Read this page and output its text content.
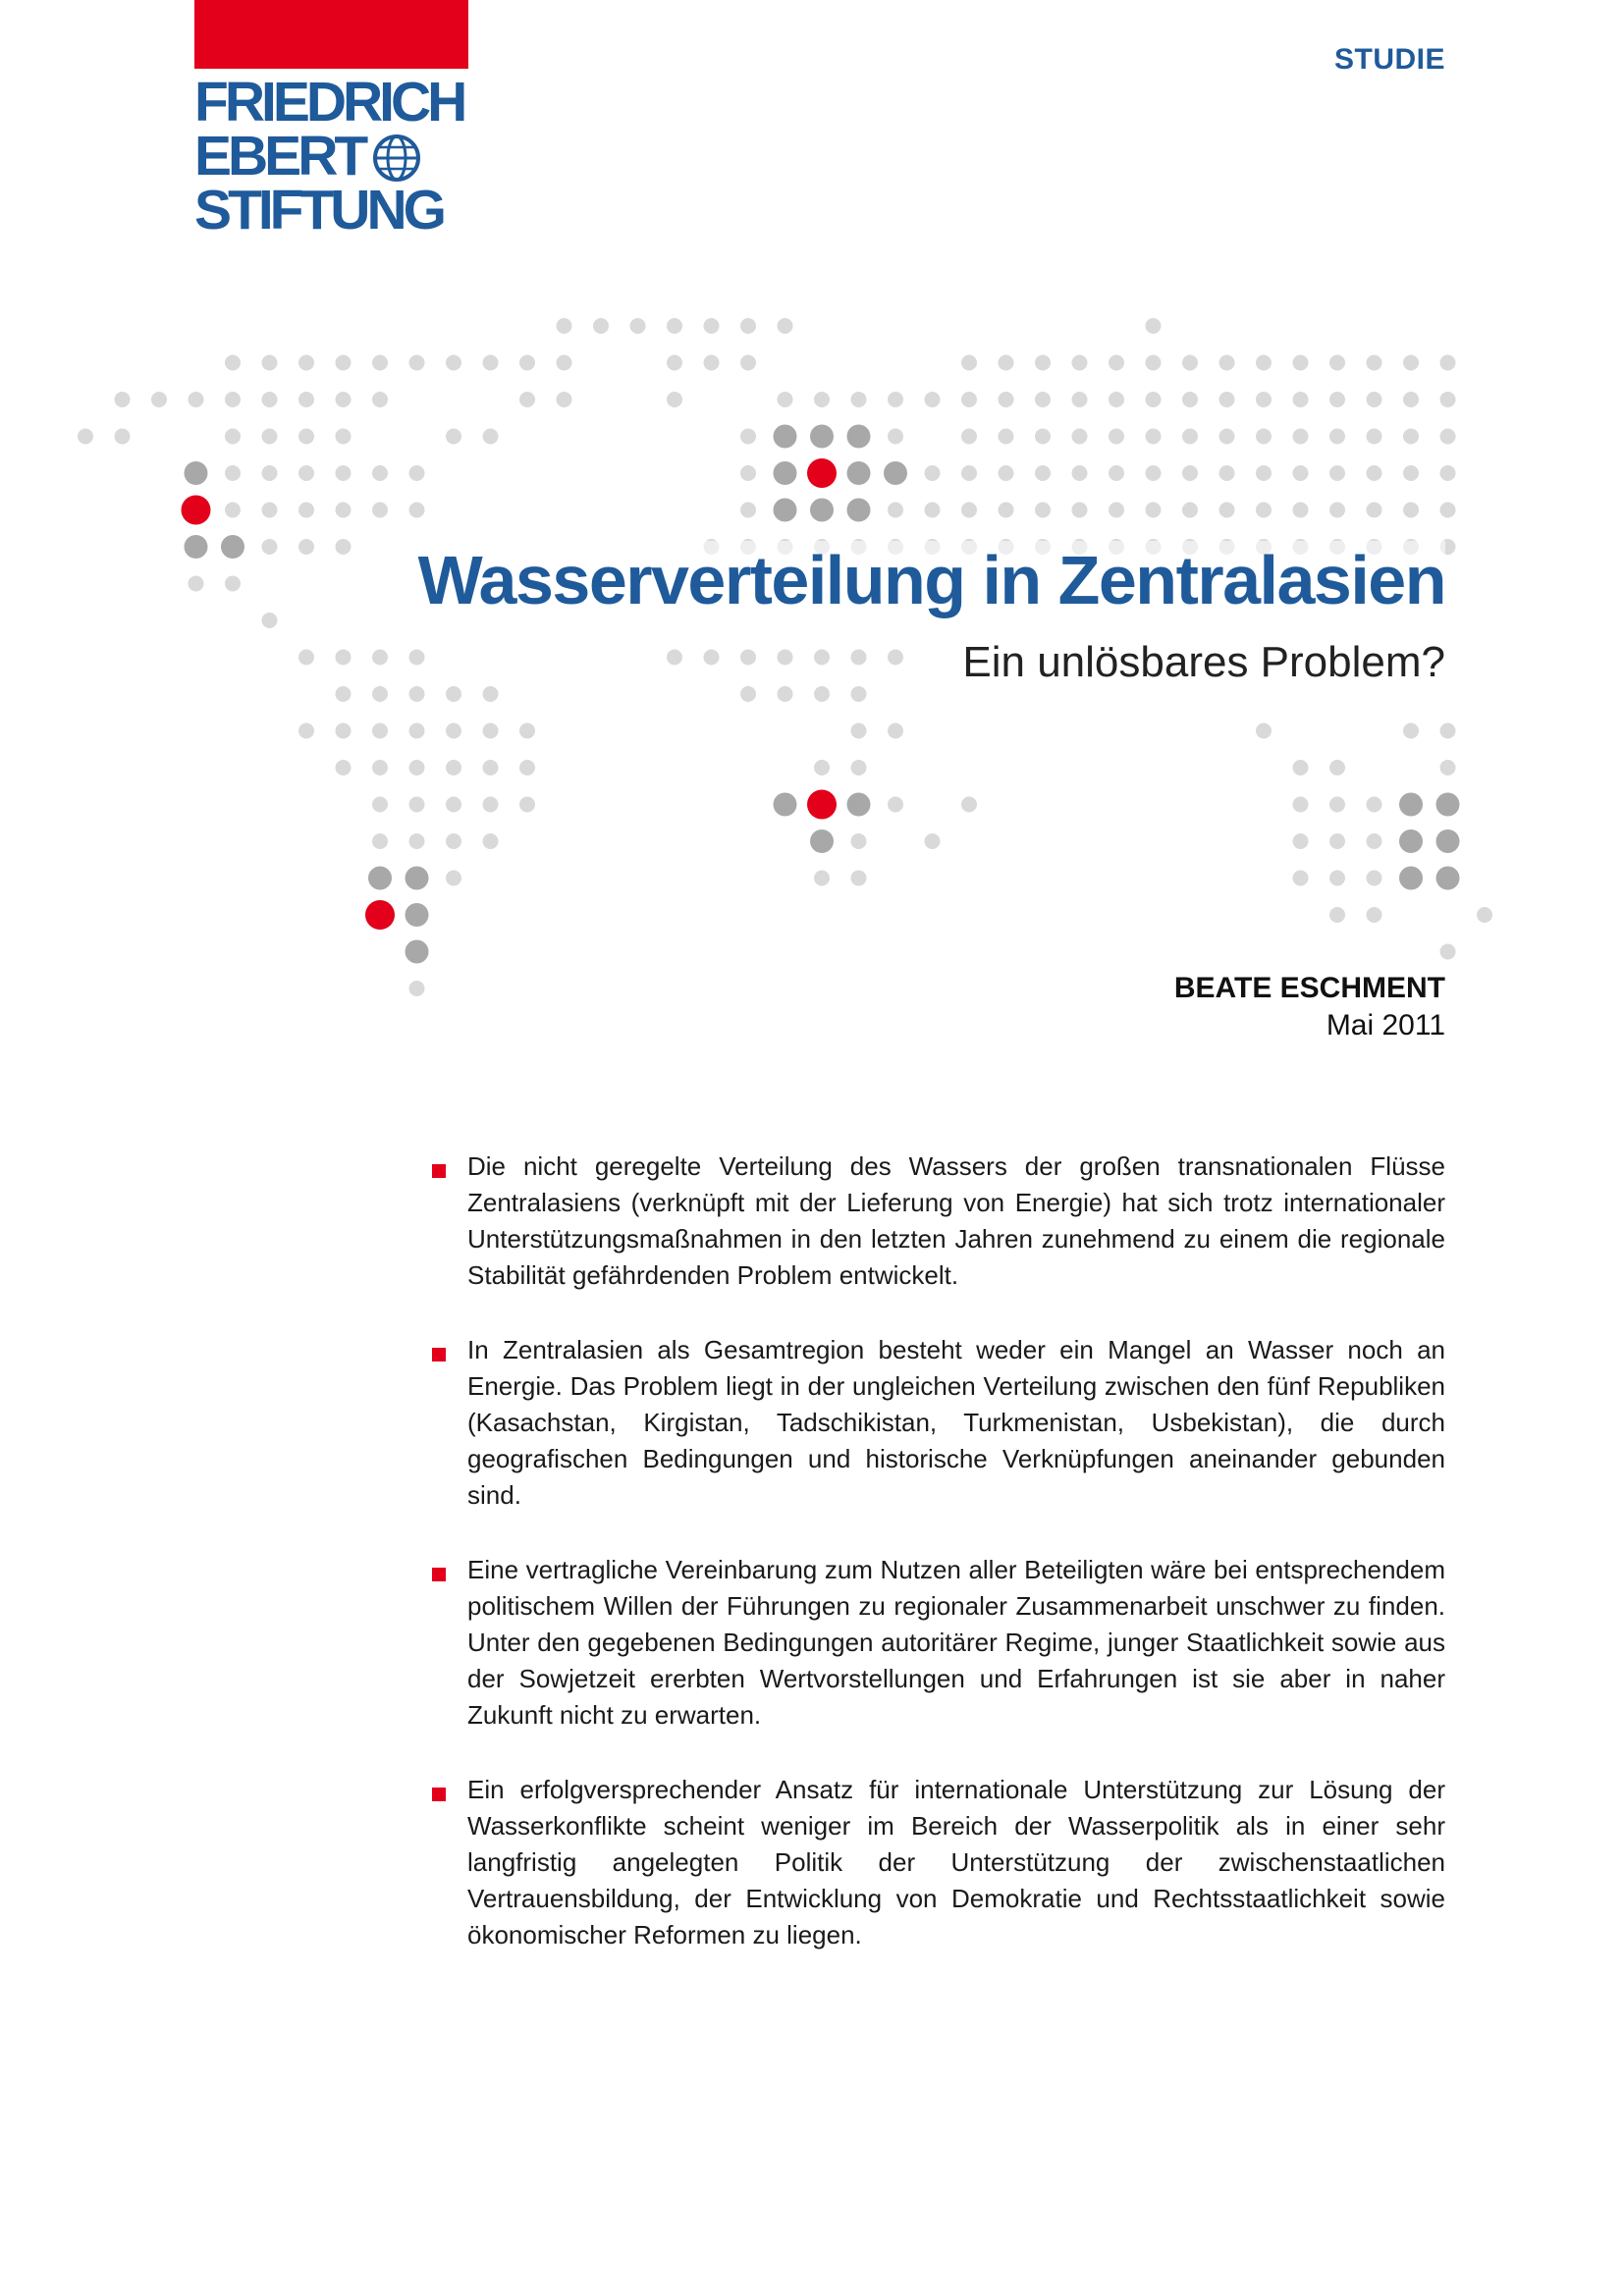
FRIEDRICH
EBERT
STIFTUNG
STUDIE
Wasserverteilung in Zentralasien
Ein unlösbares Problem?
BEATE ESCHMENT
Mai 2011
Die nicht geregelte Verteilung des Wassers der großen transnationalen Flüsse Zentralasiens (verknüpft mit der Lieferung von Energie) hat sich trotz internationaler Unterstützungsmaßnahmen in den letzten Jahren zunehmend zu einem die regionale Stabilität gefährdenden Problem entwickelt.
In Zentralasien als Gesamtregion besteht weder ein Mangel an Wasser noch an Energie. Das Problem liegt in der ungleichen Verteilung zwischen den fünf Republiken (Kasachstan, Kirgistan, Tadschikistan, Turkmenistan, Usbekistan), die durch geografischen Bedingungen und historische Verknüpfungen aneinander gebunden sind.
Eine vertragliche Vereinbarung zum Nutzen aller Beteiligten wäre bei entsprechendem politischem Willen der Führungen zu regionaler Zusammenarbeit unschwer zu finden. Unter den gegebenen Bedingungen autoritärer Regime, junger Staatlichkeit sowie aus der Sowjetzeit ererbten Wertvorstellungen und Erfahrungen ist sie aber in naher Zukunft nicht zu erwarten.
Ein erfolgversprechender Ansatz für internationale Unterstützung zur Lösung der Wasserkonflikte scheint weniger im Bereich der Wasserpolitik als in einer sehr langfristig angelegten Politik der Unterstützung der zwischenstaatlichen Vertrauensbildung, der Entwicklung von Demokratie und Rechtsstaatlichkeit sowie ökonomischer Reformen zu liegen.
